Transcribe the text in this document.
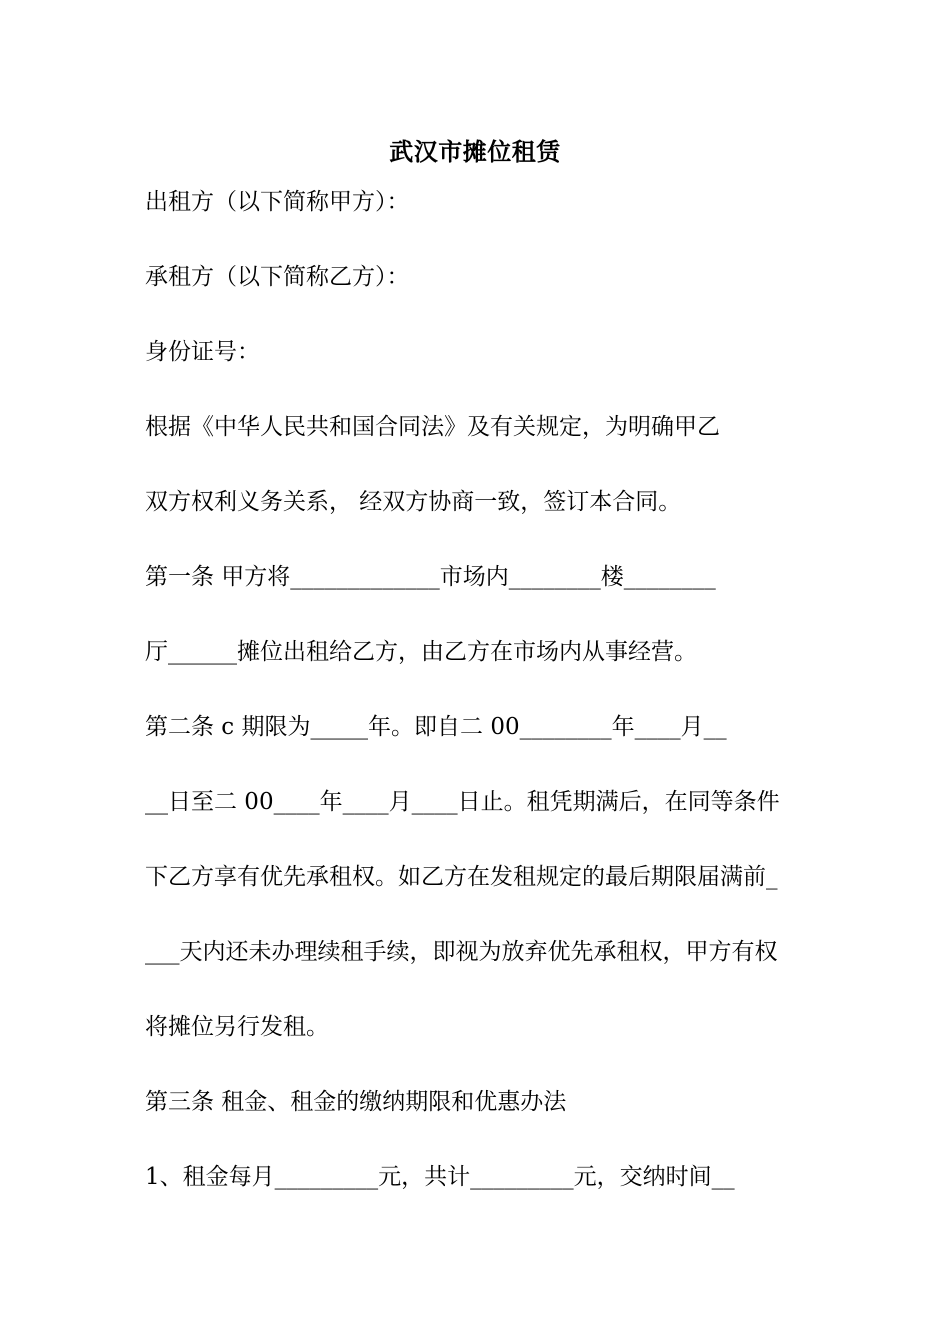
武汉市摊位租赁
出租方（以下简称甲方）：
承租方（以下简称乙方）：
身份证号：
根据《中华人民共和国合同法》及有关规定，为明确甲乙
双方权利义务关系， 经双方协商一致，签订本合同。
第一条 甲方将_____________市场内________楼________
厅______摊位出租给乙方，由乙方在市场内从事经营。
第二条 c 期限为_____年。即自二 00________年____月__
__日至二 00____年____月____日止。租凭期满后，在同等条件
下乙方享有优先承租权。如乙方在发租规定的最后期限届满前_
___天内还未办理续租手续，即视为放弃优先承租权，甲方有权
将摊位另行发租。
第三条 租金、租金的缴纳期限和优惠办法
1、租金每月_________元，共计_________元，交纳时间__
